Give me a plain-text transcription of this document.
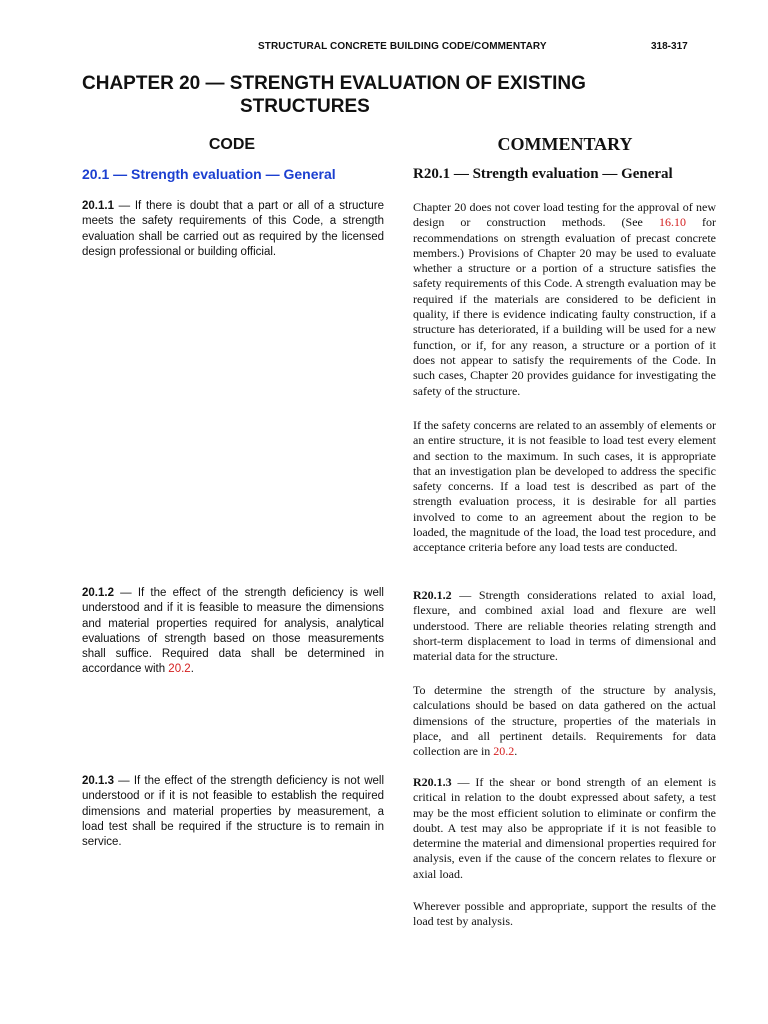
STRUCTURAL CONCRETE BUILDING CODE/COMMENTARY	318-317
CHAPTER 20 — STRENGTH EVALUATION OF EXISTING
STRUCTURES
CODE	COMMENTARY
20.1 — Strength evaluation — General	R20.1 — Strength evaluation — General

20.1.1 — If there is doubt that a part or all of a structure meets the safety requirements of this Code, a strength evaluation shall be carried out as required by the licensed design professional or building official.

20.1.2 — If the effect of the strength deficiency is well understood and if it is feasible to measure the dimensions and material properties required for analysis, analytical evaluations of strength based on those measurements shall suffice. Required data shall be determined in accordance with 20.2.

20.1.3 — If the effect of the strength deficiency is not well understood or if it is not feasible to establish the required dimensions and material properties by measurement, a load test shall be required if the structure is to remain in service.

Chapter 20 does not cover load testing for the approval of new design or construction methods. (See 16.10 for recommendations on strength evaluation of precast concrete members.) Provisions of Chapter 20 may be used to evaluate whether a structure or a portion of a structure satisfies the safety requirements of this Code. A strength evaluation may be required if the materials are considered to be deficient in quality, if there is evidence indicating faulty construction, if a structure has deteriorated, if a building will be used for a new function, or if, for any reason, a structure or a portion of it does not appear to satisfy the requirements of the Code. In such cases, Chapter 20 provides guidance for investigating the safety of the structure.

If the safety concerns are related to an assembly of elements or an entire structure, it is not feasible to load test every element and section to the maximum. In such cases, it is appropriate that an investigation plan be developed to address the specific safety concerns. If a load test is described as part of the strength evaluation process, it is desirable for all parties involved to come to an agreement about the region to be loaded, the magnitude of the load, the load test procedure, and acceptance criteria before any load tests are conducted.

R20.1.2 — Strength considerations related to axial load, flexure, and combined axial load and flexure are well understood. There are reliable theories relating strength and short-term displacement to load in terms of dimensional and material data for the structure.

To determine the strength of the structure by analysis, calculations should be based on data gathered on the actual dimensions of the structure, properties of the materials in place, and all pertinent details. Requirements for data collection are in 20.2.

R20.1.3 — If the shear or bond strength of an element is critical in relation to the doubt expressed about safety, a test may be the most efficient solution to eliminate or confirm the doubt. A test may also be appropriate if it is not feasible to determine the material and dimensional properties required for analysis, even if the cause of the concern relates to flexure or axial load.

Wherever possible and appropriate, support the results of the load test by analysis.
